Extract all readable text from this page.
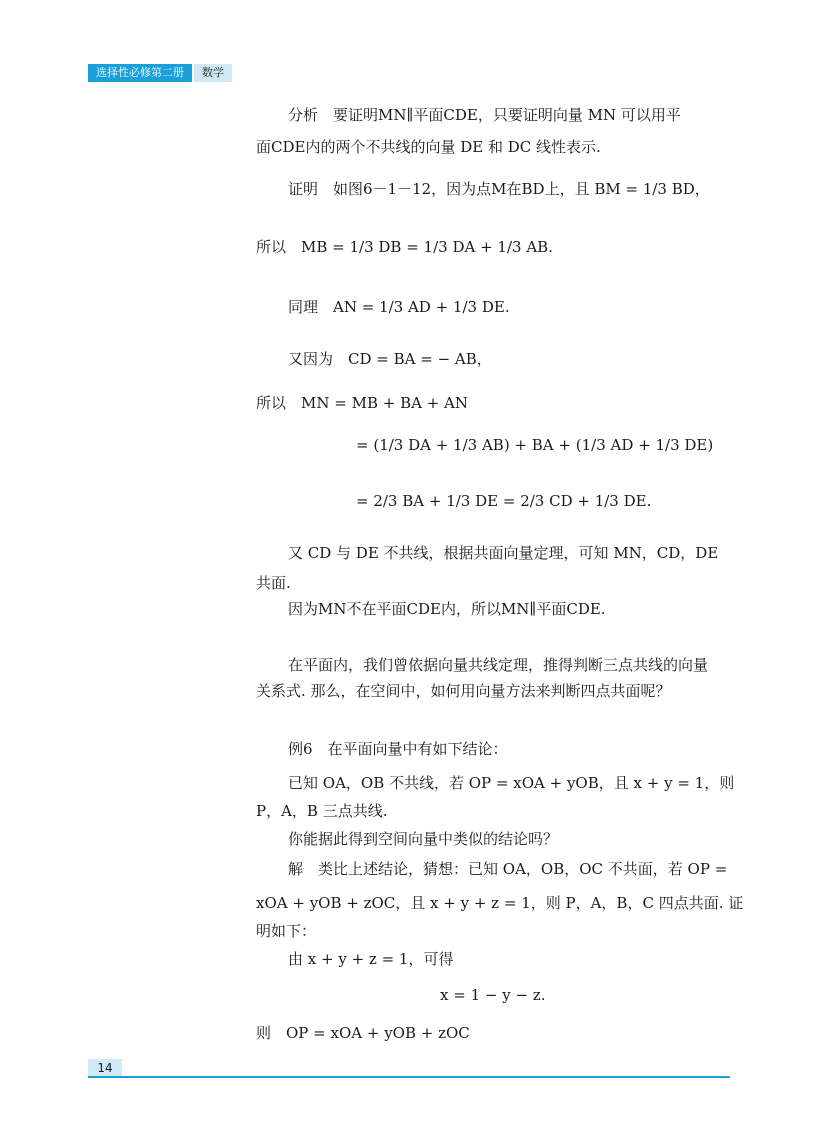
选择性必修第二册	数学
分析　要证明MN∥平面CDE，只要证明向量 MN 可以用平
面CDE内的两个不共线的向量 DE 和 DC 线性表示.
证明　如图6－1－12，因为点M在BD上，且 BM = 1/3 BD，
所以　MB = 1/3 DB = 1/3 DA + 1/3 AB.
同理　AN = 1/3 AD + 1/3 DE.
又因为　CD = BA = − AB，
所以　MN = MB + BA + AN
= (1/3 DA + 1/3 AB) + BA + (1/3 AD + 1/3 DE)
= 2/3 BA + 1/3 DE = 2/3 CD + 1/3 DE.
又 CD 与 DE 不共线，根据共面向量定理，可知 MN，CD，DE
共面.
因为MN不在平面CDE内，所以MN∥平面CDE.
在平面内，我们曾依据向量共线定理，推得判断三点共线的向量
关系式. 那么，在空间中，如何用向量方法来判断四点共面呢？
例6　在平面向量中有如下结论：
已知 OA，OB 不共线，若 OP = xOA + yOB，且 x + y = 1，则
P，A，B 三点共线.
你能据此得到空间向量中类似的结论吗？
解　类比上述结论，猜想：已知 OA，OB，OC 不共面，若 OP =
xOA + yOB + zOC，且 x + y + z = 1，则 P，A，B，C 四点共面. 证
明如下：
由 x + y + z = 1，可得
x = 1 − y − z.
则　OP = xOA + yOB + zOC
14
